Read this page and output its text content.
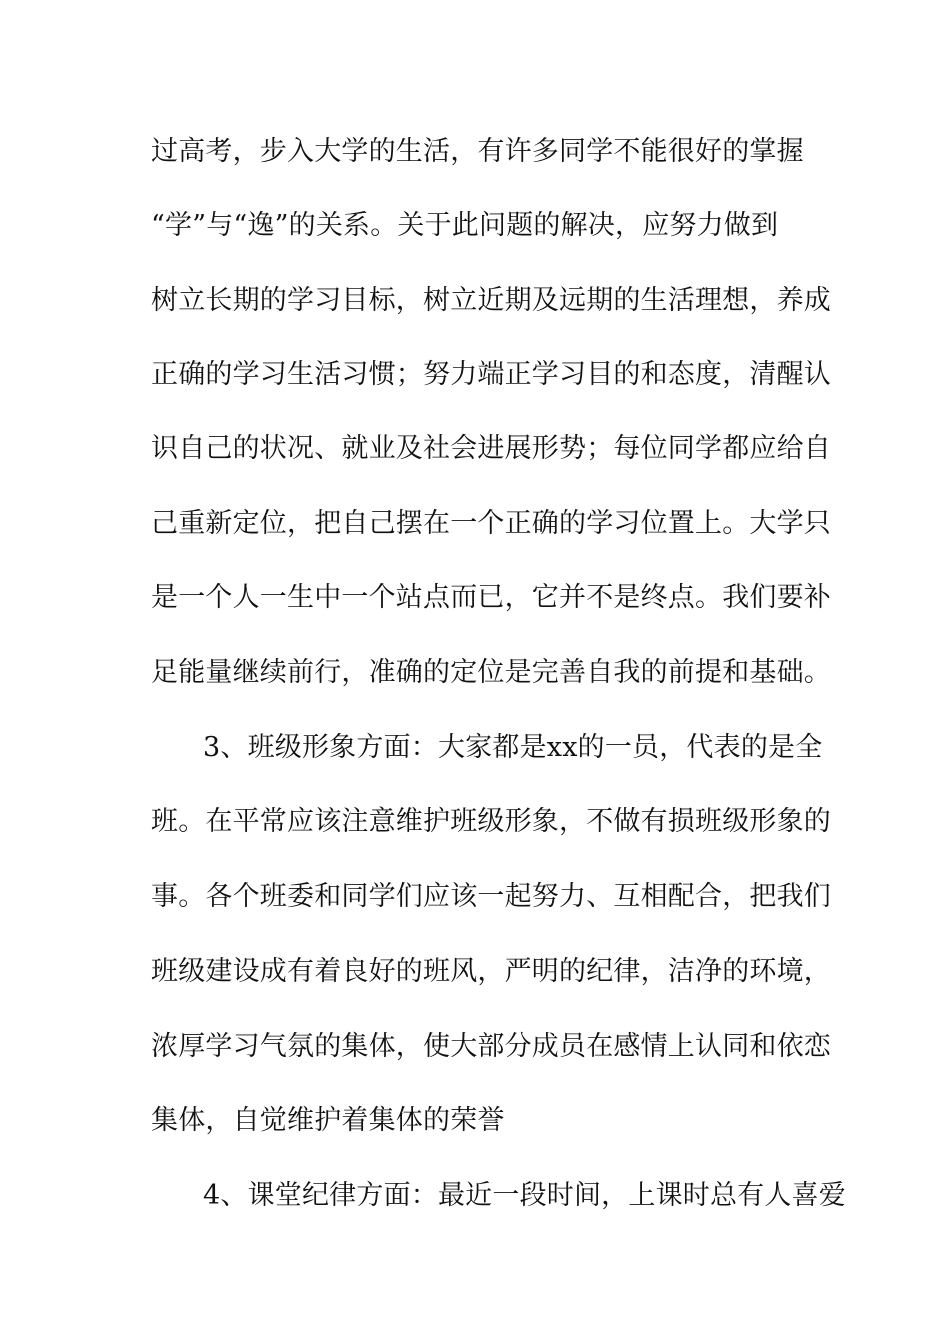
过高考，步入大学的生活，有许多同学不能很好的掌握
“学”与“逸”的关系。关于此问题的解决，应努力做到
树立长期的学习目标，树立近期及远期的生活理想，养成
正确的学习生活习惯；努力端正学习目的和态度，清醒认
识自己的状况、就业及社会进展形势；每位同学都应给自
己重新定位，把自己摆在一个正确的学习位置上。大学只
是一个人一生中一个站点而已，它并不是终点。我们要补
足能量继续前行，准确的定位是完善自我的前提和基础。
3、班级形象方面：大家都是xx的一员，代表的是全
班。在平常应该注意维护班级形象，不做有损班级形象的
事。各个班委和同学们应该一起努力、互相配合，把我们
班级建设成有着良好的班风，严明的纪律，洁净的环境，
浓厚学习气氛的集体，使大部分成员在感情上认同和依恋
集体，自觉维护着集体的荣誉
4、课堂纪律方面：最近一段时间，上课时总有人喜爱
